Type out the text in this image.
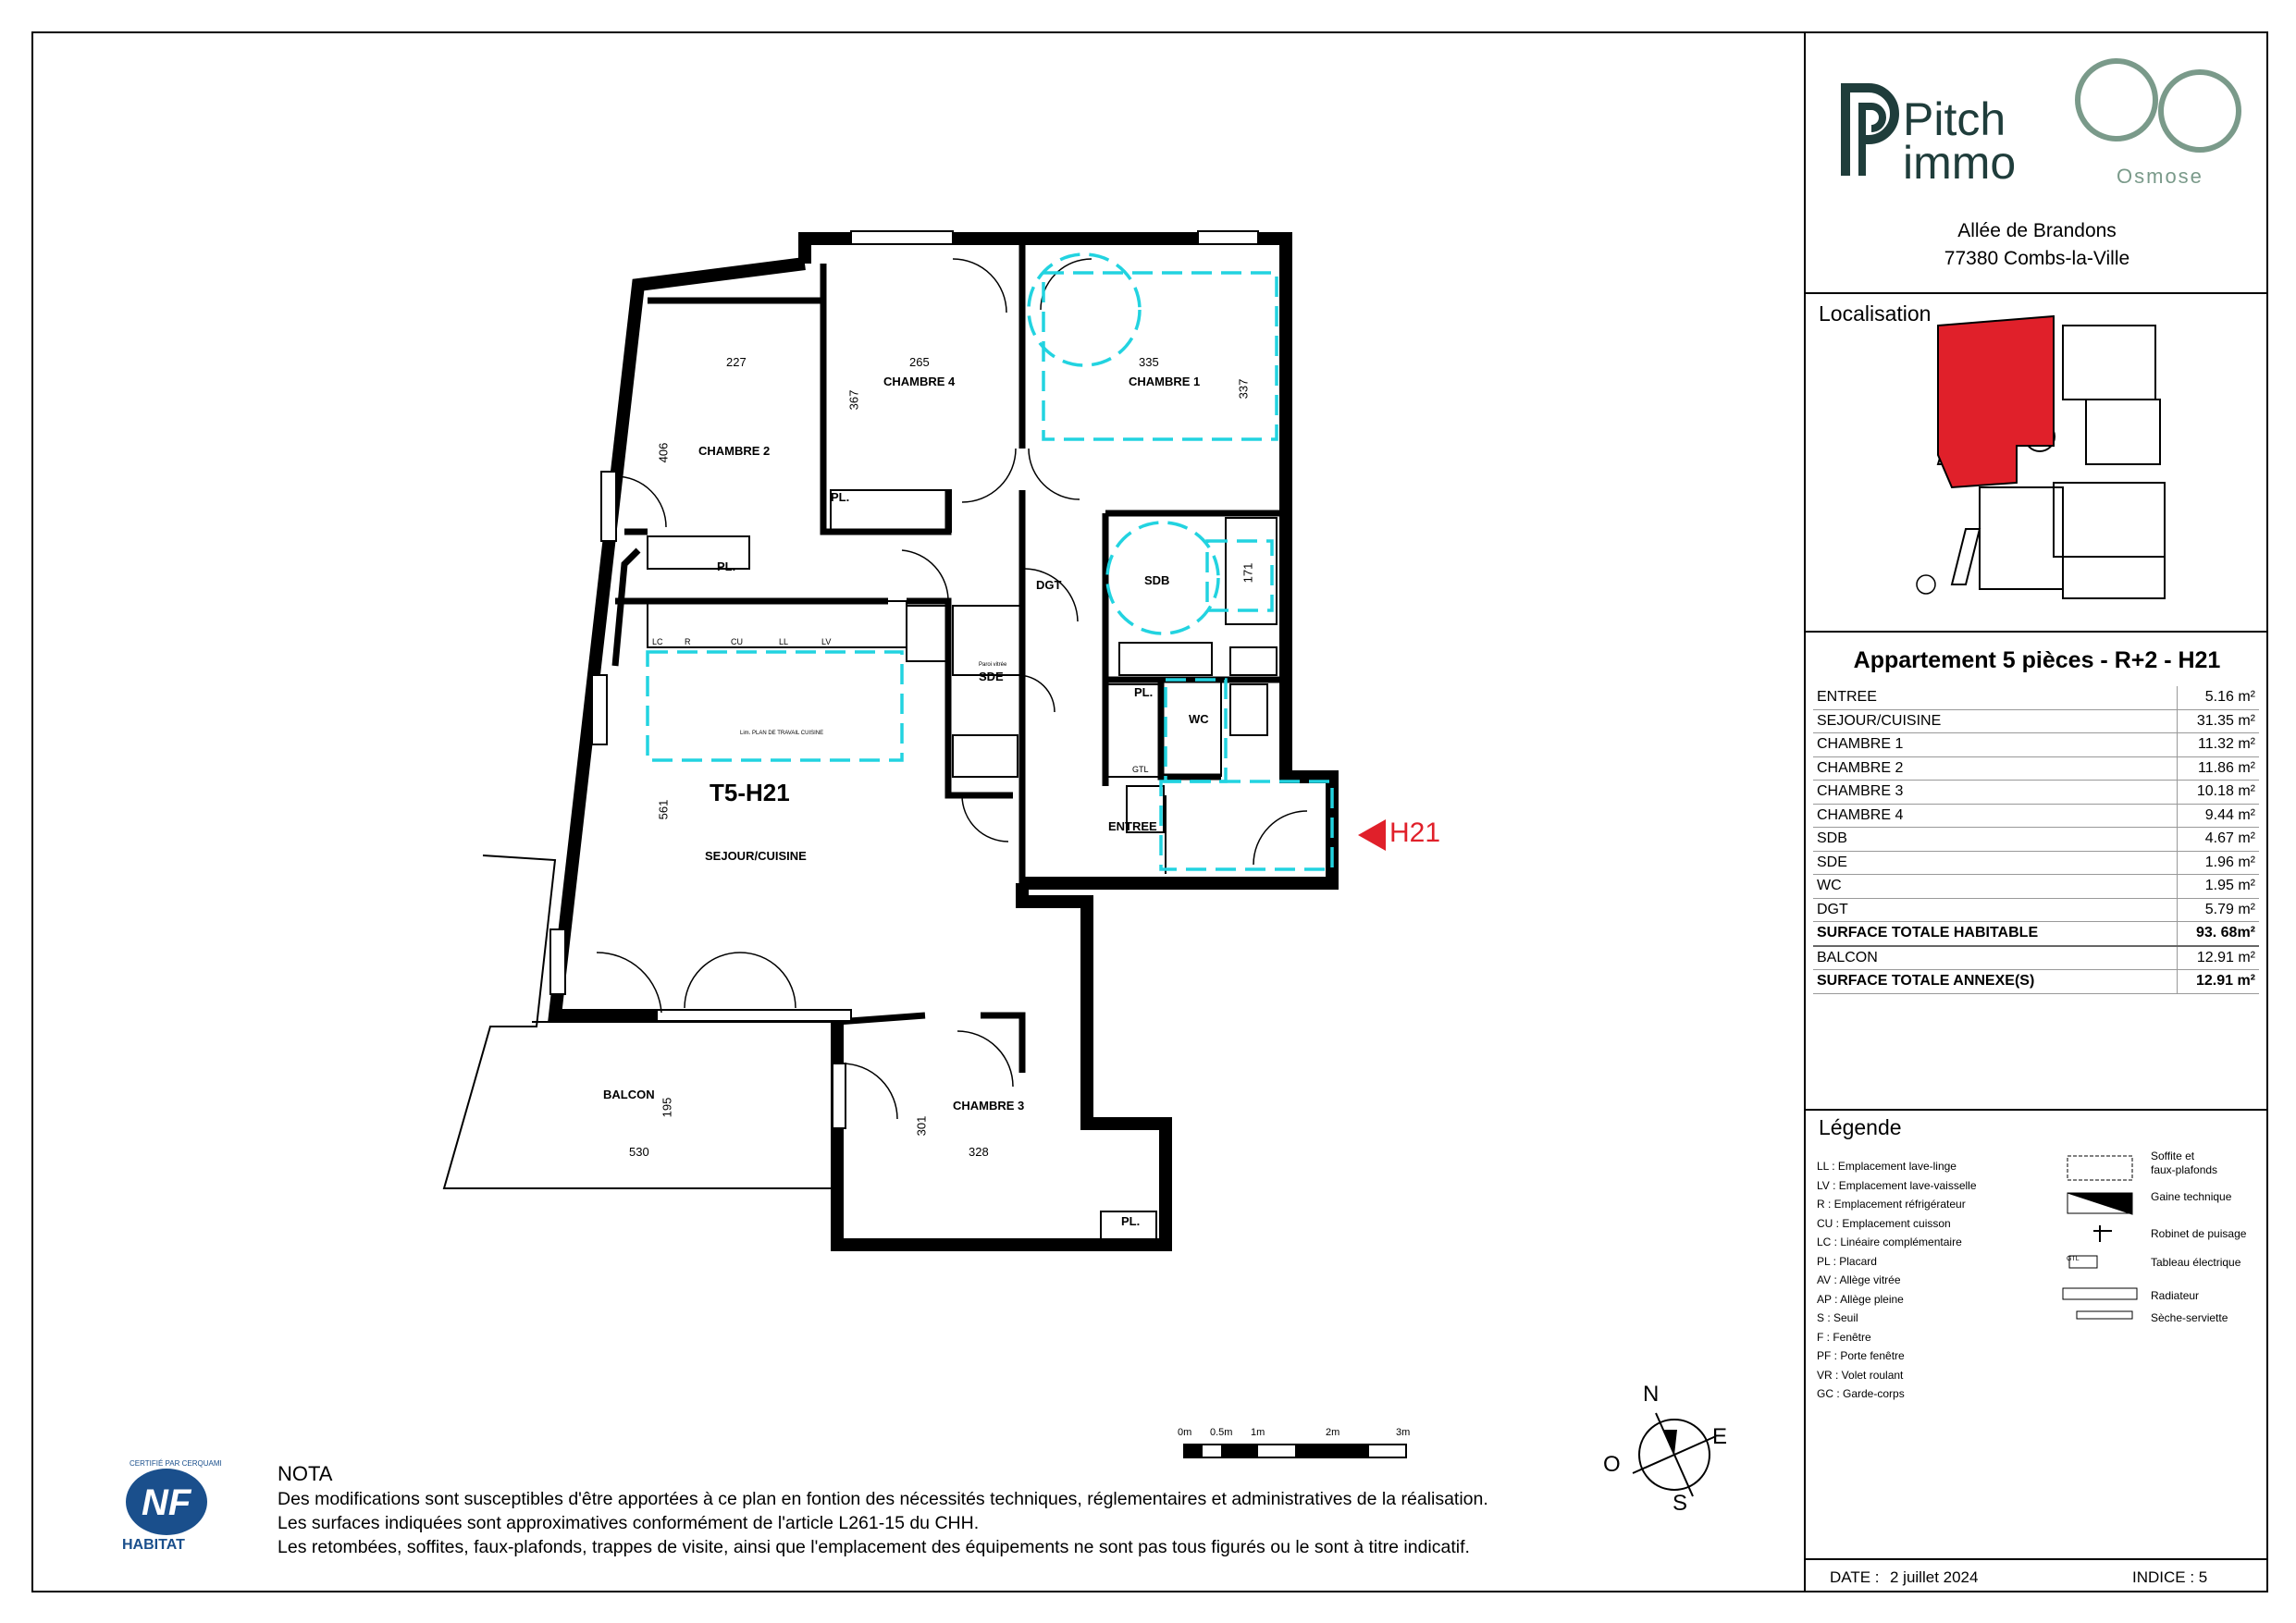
CHAMBRE 4	CHAMBRE 1
CHAMBRE 2
DGT	SDB
SDE
WC
ENTREE
SEJOUR/CUISINE
BALCON
CHAMBRE 3
T5-H21
PL.
PL.
PL.
PL.
227	265	335
367
337
406
171
561
530
195
301
328
LC	R	CU	LL	LV
GTL
Lim. PLAN DE TRAVAIL CUISINE
Paroi vitrée
H21
0m 0.5m 1m	2m	3m
N
E
S
O
CERTIFIÉ PAR CERQUAMI
NF
HABITAT
NOTA
Des modifications sont susceptibles d'être apportées à ce plan en fontion des nécessités techniques, réglementaires et administratives de la réalisation.
Les surfaces indiquées sont approximatives conformément de l'article L261-15 du CHH.
Les retombées, soffites, faux-plafonds, trappes de visite, ainsi que l'emplacement des équipements ne sont pas tous figurés ou le sont à titre indicatif.
Pitch
immo	Osmose
Allée de Brandons
77380 Combs-la-Ville
Localisation
Appartement 5 pièces - R+2 - H21
ENTREE	5.16 m²
SEJOUR/CUISINE	31.35 m²
CHAMBRE 1	11.32 m²
CHAMBRE 2	11.86 m²
CHAMBRE 3	10.18 m²
CHAMBRE 4	9.44 m²
SDB	4.67 m²
SDE	1.96 m²
WC	1.95 m²
DGT	5.79 m²
SURFACE TOTALE HABITABLE	93. 68m²
BALCON	12.91 m²
SURFACE TOTALE ANNEXE(S)	12.91 m²
Légende
LL : Emplacement lave-linge
LV : Emplacement lave-vaisselle
R : Emplacement réfrigérateur
CU : Emplacement cuisson
LC : Linéaire complémentaire
PL : Placard
AV : Allège vitrée
AP : Allège pleine
S : Seuil
F : Fenêtre
PF : Porte fenêtre
VR : Volet roulant
GC : Garde-corps
GTL
Soffite et
faux-plafonds
Gaine technique
Robinet de puisage
Tableau électrique
Radiateur
Sèche-serviette
DATE : 2 juillet 2024	INDICE : 5
